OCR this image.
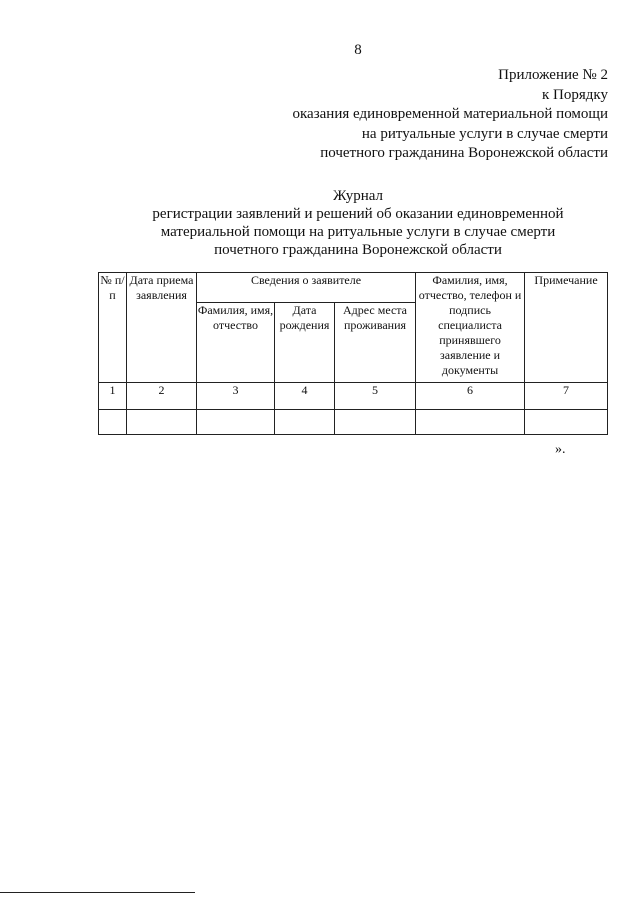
8
Приложение № 2
к Порядку
оказания единовременной материальной помощи
на ритуальные услуги в случае смерти
почетного гражданина Воронежской области
Журнал
регистрации заявлений и решений об оказании единовременной
материальной помощи на ритуальные услуги в случае смерти
почетного гражданина Воронежской области
№ п/п	Дата приема заявления	Сведения о заявителе			Фамилия, имя, отчество, телефон и подпись специалиста принявшего заявление и документы	Примечание
		Фамилия, имя, отчество	Дата рождения	Адрес места проживания		
1	2	3	4	5	6	7

».
